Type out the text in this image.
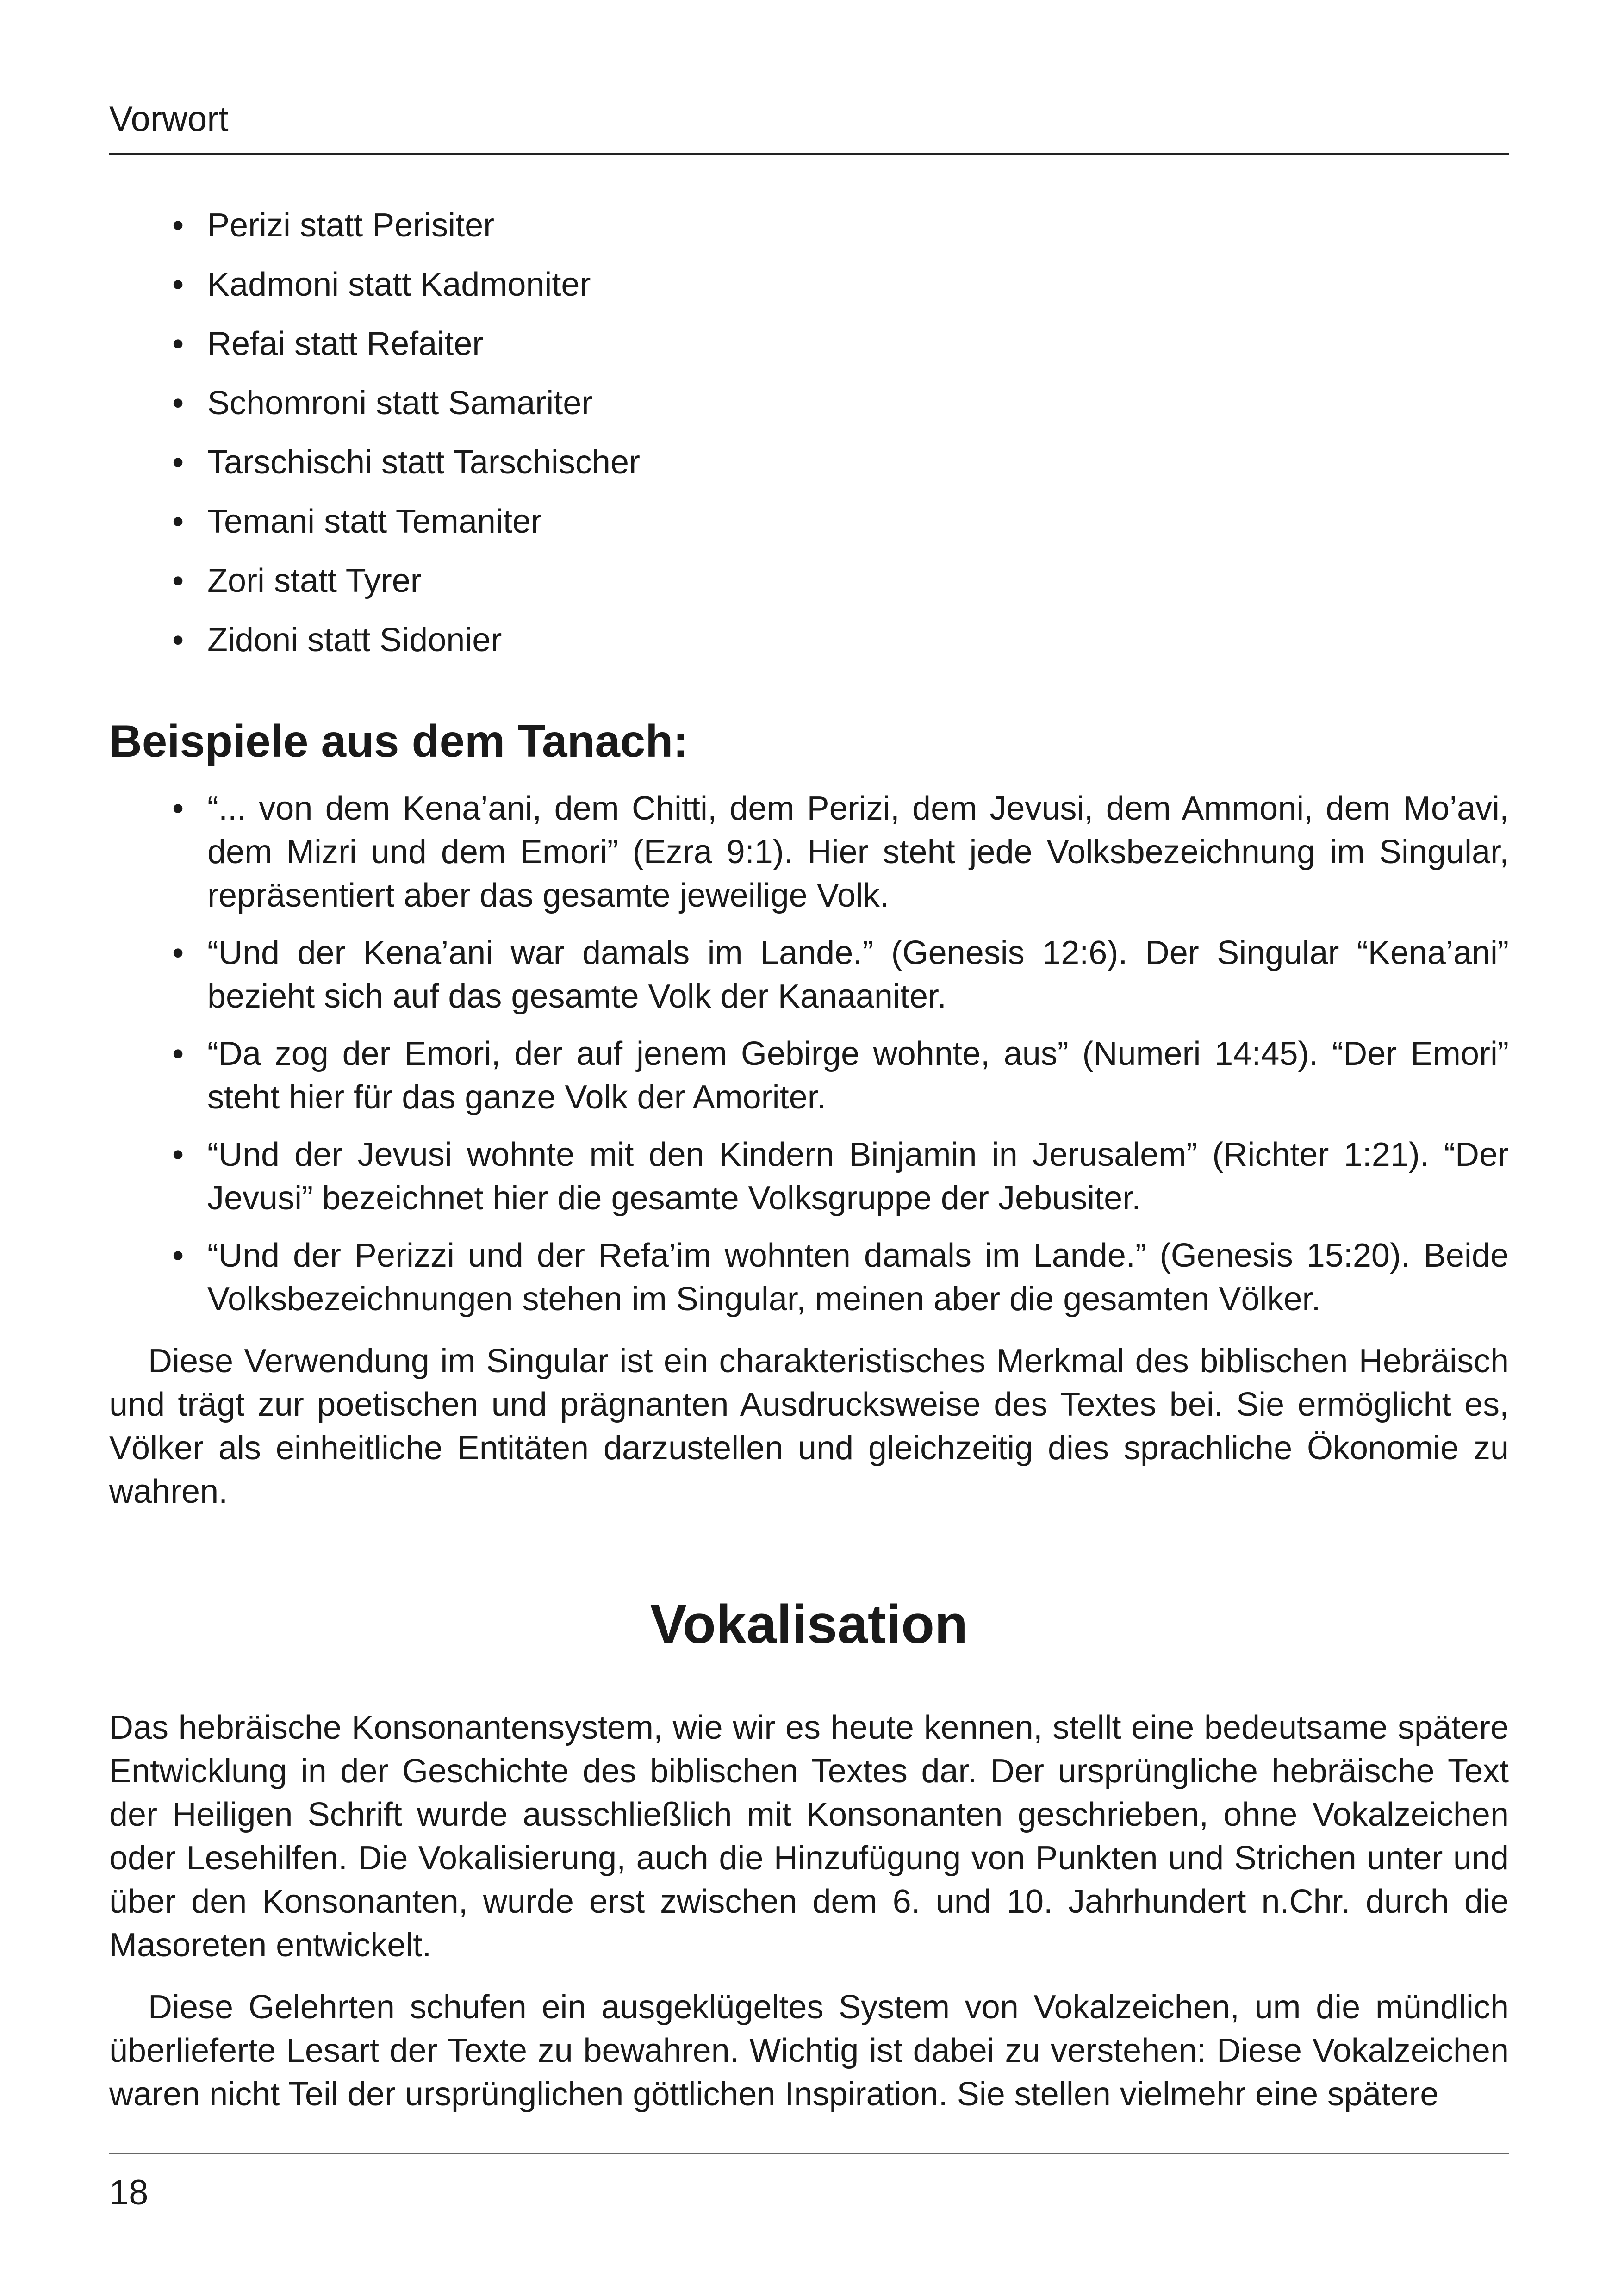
Vorwort
• Perizi statt Perisiter
• Kadmoni statt Kadmoniter
• Refai statt Refaiter
• Schomroni statt Samariter
• Tarschischi statt Tarschischer
• Temani statt Temaniter
• Zori statt Tyrer
• Zidoni statt Sidonier
Beispiele aus dem Tanach:
• “... von dem Kena’ani, dem Chitti, dem Perizi, dem Jevusi, dem Ammoni, dem Mo’avi, dem Mizri und dem Emori” (Ezra 9:1). Hier steht jede Volksbezeichnung im Singular, repräsentiert aber das gesamte jeweilige Volk.
• “Und der Kena’ani war damals im Lande.” (Genesis 12:6). Der Singular “Kena’ani” bezieht sich auf das gesamte Volk der Kanaaniter.
• “Da zog der Emori, der auf jenem Gebirge wohnte, aus” (Numeri 14:45). “Der Emori” steht hier für das ganze Volk der Amoriter.
• “Und der Jevusi wohnte mit den Kindern Binjamin in Jerusalem” (Richter 1:21). “Der Jevusi” bezeichnet hier die gesamte Volksgruppe der Jebusiter.
• “Und der Perizzi und der Refa’im wohnten damals im Lande.” (Genesis 15:20). Beide Volksbezeichnungen stehen im Singular, meinen aber die gesamten Völker.

Diese Verwendung im Singular ist ein charakteristisches Merkmal des biblischen Hebräisch und trägt zur poetischen und prägnanten Ausdrucksweise des Textes bei. Sie ermöglicht es, Völker als einheitliche Entitäten darzustellen und gleichzeitig dies sprachliche Ökonomie zu wahren.

Vokalisation

Das hebräische Konsonantensystem, wie wir es heute kennen, stellt eine bedeutsame spätere Entwicklung in der Geschichte des biblischen Textes dar. Der ursprüngliche hebräische Text der Heiligen Schrift wurde ausschließlich mit Konsonanten geschrieben, ohne Vokalzeichen oder Lesehilfen. Die Vokalisierung, auch die Hinzufügung von Punkten und Strichen unter und über den Konsonanten, wurde erst zwischen dem 6. und 10. Jahrhundert n.Chr. durch die Masoreten entwickelt.

Diese Gelehrten schufen ein ausgeklügeltes System von Vokalzeichen, um die mündlich überlieferte Lesart der Texte zu bewahren. Wichtig ist dabei zu verstehen: Diese Vokalzeichen waren nicht Teil der ursprünglichen göttlichen Inspiration. Sie stellen vielmehr eine spätere

18
